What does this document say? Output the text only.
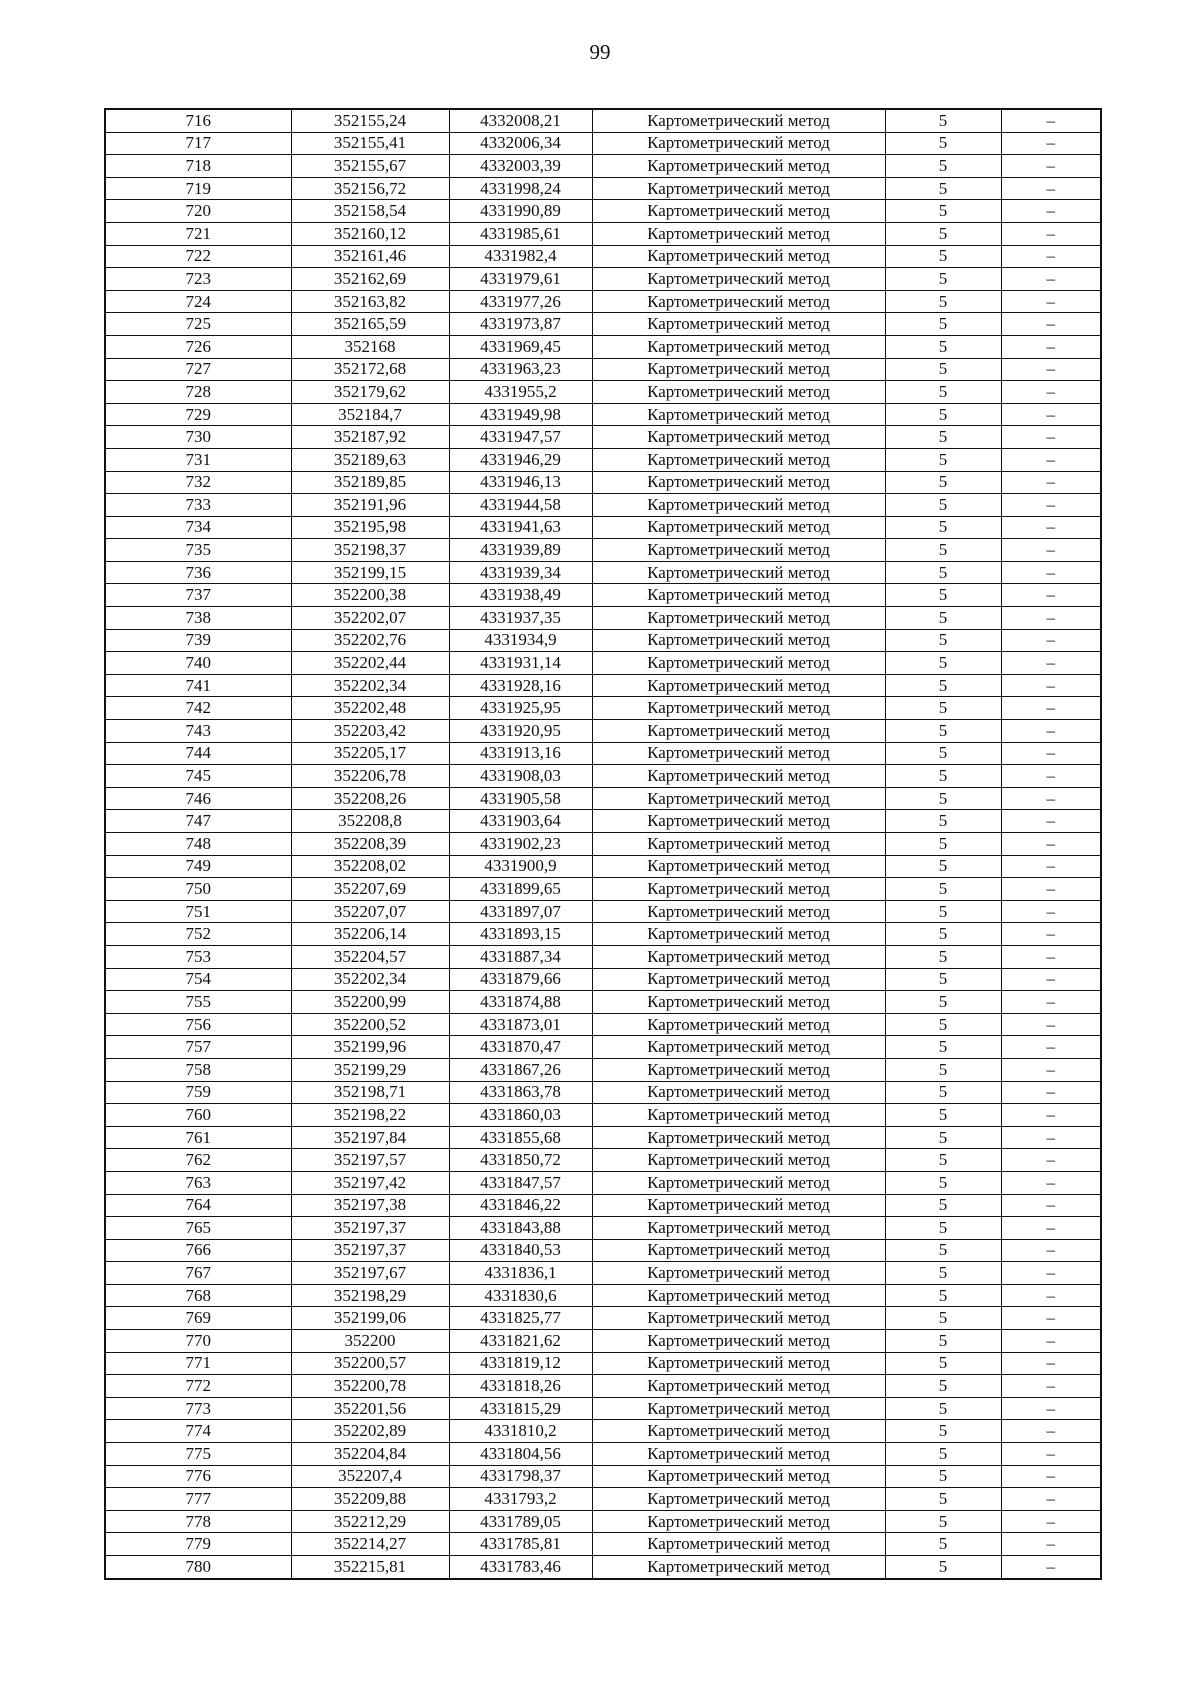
99
716	352155,24	4332008,21	Картометрический метод	5	–
717	352155,41	4332006,34	Картометрический метод	5	–
718	352155,67	4332003,39	Картометрический метод	5	–
719	352156,72	4331998,24	Картометрический метод	5	–
720	352158,54	4331990,89	Картометрический метод	5	–
721	352160,12	4331985,61	Картометрический метод	5	–
722	352161,46	4331982,4	Картометрический метод	5	–
723	352162,69	4331979,61	Картометрический метод	5	–
724	352163,82	4331977,26	Картометрический метод	5	–
725	352165,59	4331973,87	Картометрический метод	5	–
726	352168	4331969,45	Картометрический метод	5	–
727	352172,68	4331963,23	Картометрический метод	5	–
728	352179,62	4331955,2	Картометрический метод	5	–
729	352184,7	4331949,98	Картометрический метод	5	–
730	352187,92	4331947,57	Картометрический метод	5	–
731	352189,63	4331946,29	Картометрический метод	5	–
732	352189,85	4331946,13	Картометрический метод	5	–
733	352191,96	4331944,58	Картометрический метод	5	–
734	352195,98	4331941,63	Картометрический метод	5	–
735	352198,37	4331939,89	Картометрический метод	5	–
736	352199,15	4331939,34	Картометрический метод	5	–
737	352200,38	4331938,49	Картометрический метод	5	–
738	352202,07	4331937,35	Картометрический метод	5	–
739	352202,76	4331934,9	Картометрический метод	5	–
740	352202,44	4331931,14	Картометрический метод	5	–
741	352202,34	4331928,16	Картометрический метод	5	–
742	352202,48	4331925,95	Картометрический метод	5	–
743	352203,42	4331920,95	Картометрический метод	5	–
744	352205,17	4331913,16	Картометрический метод	5	–
745	352206,78	4331908,03	Картометрический метод	5	–
746	352208,26	4331905,58	Картометрический метод	5	–
747	352208,8	4331903,64	Картометрический метод	5	–
748	352208,39	4331902,23	Картометрический метод	5	–
749	352208,02	4331900,9	Картометрический метод	5	–
750	352207,69	4331899,65	Картометрический метод	5	–
751	352207,07	4331897,07	Картометрический метод	5	–
752	352206,14	4331893,15	Картометрический метод	5	–
753	352204,57	4331887,34	Картометрический метод	5	–
754	352202,34	4331879,66	Картометрический метод	5	–
755	352200,99	4331874,88	Картометрический метод	5	–
756	352200,52	4331873,01	Картометрический метод	5	–
757	352199,96	4331870,47	Картометрический метод	5	–
758	352199,29	4331867,26	Картометрический метод	5	–
759	352198,71	4331863,78	Картометрический метод	5	–
760	352198,22	4331860,03	Картометрический метод	5	–
761	352197,84	4331855,68	Картометрический метод	5	–
762	352197,57	4331850,72	Картометрический метод	5	–
763	352197,42	4331847,57	Картометрический метод	5	–
764	352197,38	4331846,22	Картометрический метод	5	–
765	352197,37	4331843,88	Картометрический метод	5	–
766	352197,37	4331840,53	Картометрический метод	5	–
767	352197,67	4331836,1	Картометрический метод	5	–
768	352198,29	4331830,6	Картометрический метод	5	–
769	352199,06	4331825,77	Картометрический метод	5	–
770	352200	4331821,62	Картометрический метод	5	–
771	352200,57	4331819,12	Картометрический метод	5	–
772	352200,78	4331818,26	Картометрический метод	5	–
773	352201,56	4331815,29	Картометрический метод	5	–
774	352202,89	4331810,2	Картометрический метод	5	–
775	352204,84	4331804,56	Картометрический метод	5	–
776	352207,4	4331798,37	Картометрический метод	5	–
777	352209,88	4331793,2	Картометрический метод	5	–
778	352212,29	4331789,05	Картометрический метод	5	–
779	352214,27	4331785,81	Картометрический метод	5	–
780	352215,81	4331783,46	Картометрический метод	5	–
